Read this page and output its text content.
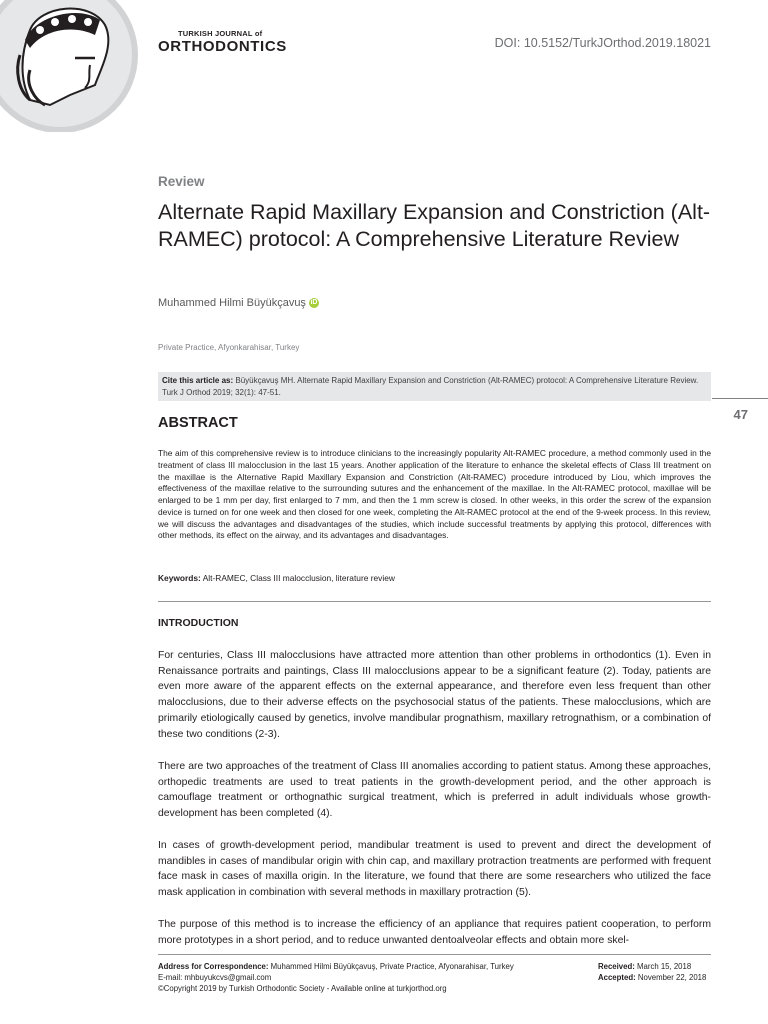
TURKISH JOURNAL of
ORTHODONTICS	DOI: 10.5152/TurkJOrthod.2019.18021
Review
Alternate Rapid Maxillary Expansion and Constriction (Alt-RAMEC) protocol: A Comprehensive Literature Review
Muhammed Hilmi Büyükçavuş iD
Private Practice, Afyonkarahisar, Turkey
Cite this article as: Büyükçavuş MH. Alternate Rapid Maxillary Expansion and Constriction (Alt-RAMEC) protocol: A Comprehensive Literature Review. Turk J Orthod 2019; 32(1): 47-51.
47
ABSTRACT
The aim of this comprehensive review is to introduce clinicians to the increasingly popularity Alt-RAMEC procedure, a method commonly used in the treatment of class III malocclusion in the last 15 years. Another application of the literature to enhance the skeletal effects of Class III treatment on the maxillae is the Alternative Rapid Maxillary Expansion and Constriction (Alt-RAMEC) procedure introduced by Liou, which improves the effectiveness of the maxillae relative to the surrounding sutures and the enhancement of the maxillae. In the Alt-RAMEC protocol, maxillae will be enlarged to be 1 mm per day, first enlarged to 7 mm, and then the 1 mm screw is closed. In other weeks, in this order the screw of the expansion device is turned on for one week and then closed for one week, completing the Alt-RAMEC protocol at the end of the 9-week process. In this review, we will discuss the advantages and disadvantages of the studies, which include successful treatments by applying this protocol, differences with other methods, its effect on the airway, and its advantages and disadvantages.
Keywords: Alt-RAMEC, Class III malocclusion, literature review
INTRODUCTION
For centuries, Class III malocclusions have attracted more attention than other problems in orthodontics (1). Even in Renaissance portraits and paintings, Class III malocclusions appear to be a significant feature (2). Today, patients are even more aware of the apparent effects on the external appearance, and therefore even less frequent than other malocclusions, due to their adverse effects on the psychosocial status of the patients. These malocclusions, which are primarily etiologically caused by genetics, involve mandibular prognathism, maxillary retrognathism, or a combination of these two conditions (2-3).
There are two approaches of the treatment of Class III anomalies according to patient status. Among these approaches, orthopedic treatments are used to treat patients in the growth-development period, and the other approach is camouflage treatment or orthognathic surgical treatment, which is preferred in adult individuals whose growth-development has been completed (4).
In cases of growth-development period, mandibular treatment is used to prevent and direct the development of mandibles in cases of mandibular origin with chin cap, and maxillary protraction treatments are performed with frequent face mask in cases of maxilla origin. In the literature, we found that there are some researchers who utilized the face mask application in combination with several methods in maxillary protraction (5).
The purpose of this method is to increase the efficiency of an appliance that requires patient cooperation, to perform more prototypes in a short period, and to reduce unwanted dentoalveolar effects and obtain more skel-
Address for Correspondence: Muhammed Hilmi Büyükçavuş, Private Practice, Afyonarahisar, Turkey
E-mail: mhbuyukcvs@gmail.com
©Copyright 2019 by Turkish Orthodontic Society - Available online at turkjorthod.org
Received: March 15, 2018
Accepted: November 22, 2018
